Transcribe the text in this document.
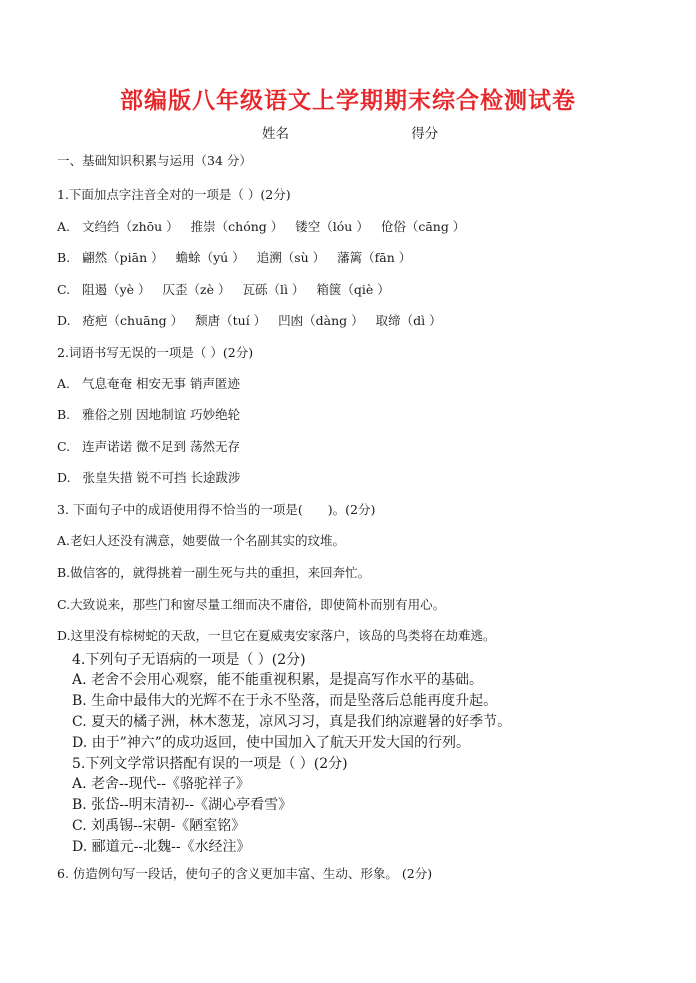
部编版八年级语文上学期期末综合检测试卷
姓名	得分
一、基础知识积累与运用（34 分）
1.下面加点字注音全对的一项是（ ）(2分)
A. 文绉绉（zhōu ） 推崇（chóng ） 镂空（lóu ） 伧俗（cāng ）
B. 翩然（piān ） 蟾蜍（yú ） 追溯（sù ） 藩篱（fān ）
C. 阻遏（yè ） 仄歪（zè ） 瓦砾（lì ） 箱箧（qiè ）
D. 疮疤（chuāng ） 颓唐（tuí ） 凹凼（dàng ） 取缔（dì ）
2.词语书写无误的一项是（ ）(2分)
A. 气息奄奄 相安无事 销声匿迹
B. 雅俗之别 因地制谊 巧妙绝轮
C. 连声诺诺 微不足到 荡然无存
D. 张皇失措 锐不可挡 长途跋涉
3. 下面句子中的成语使用得不恰当的一项是(　　)。(2分)
A.老妇人还没有满意，她要做一个名副其实的玟堆。
B.做信客的，就得挑着一副生死与共的重担，来回奔忙。
C.大致说来，那些门和窗尽量工细而决不庸俗，即使简朴而别有用心。
D.这里没有棕树蛇的天敌，一旦它在夏威夷安家落户，该岛的鸟类将在劫难逃。
4.下列句子无语病的一项是（ ）(2分)
A. 老舍不会用心观察，能不能重视积累，是提高写作水平的基础。
B. 生命中最伟大的光辉不在于永不坠落，而是坠落后总能再度升起。
C. 夏天的橘子洲，林木葱茏，凉风习习，真是我们纳凉避暑的好季节。
D. 由于”神六”的成功返回，使中国加入了航天开发大国的行列。
5.下列文学常识搭配有误的一项是（ ）(2分)
A. 老舍--现代--《骆驼祥子》
B. 张岱--明末清初--《湖心亭看雪》
C. 刘禹锡--宋朝-《陋室铭》
D. 郦道元--北魏--《水经注》
6. 仿造例句写一段话，使句子的含义更加丰富、生动、形象。 (2分)
